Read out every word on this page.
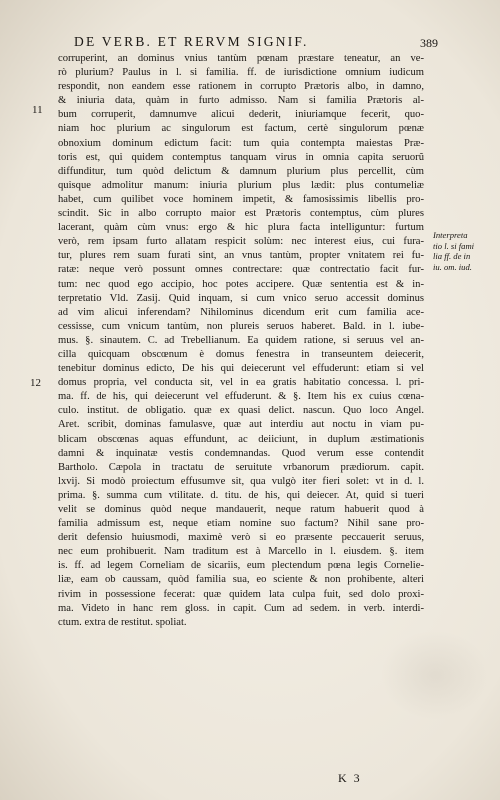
DE VERB. ET RERVM SIGNIF.	389
11
12
Interpreta
tio l. si fami
lia ff. de in
iu. om. iud.
corruperint, an dominus vnius tantùm pœnam præstare teneatur, an ve-
rò plurium? Paulus in l. si familia. ff. de iurisdictione omnium iudicum
respondit, non eandem esse rationem in corrupto Prætoris albo, in damno,
& iniuria data, quàm in furto admisso. Nam si familia Prætoris al-
bum corruperit, damnumve alicui dederit, iniuriamque fecerit, quo-
niam hoc plurium ac singulorum est factum, certè singulorum pœnæ
obnoxium dominum edictum facit: tum quia contempta maiestas Præ-
toris est, qui quidem contemptus tanquam virus in omnia capita seruorũ
diffunditur, tum quòd delictum & damnum plurium plus percellit, cùm
quisque admolitur manum: iniuria plurium plus lædit: plus contumeliæ
habet, cum quilibet voce hominem impetit, & famosissimis libellis pro-
scindit. Sic in albo corrupto maior est Prætoris contemptus, cùm plures
lacerant, quàm cùm vnus: ergo & hic plura facta intelliguntur: furtum
verò, rem ipsam furto allatam respicit solùm: nec interest eius, cui fura-
tur, plures rem suam furati sint, an vnus tantùm, propter vnitatem rei fu-
ratæ: neque verò possunt omnes contrectare: quæ contrectatio facit fur-
tum: nec quod ego accipio, hoc potes accipere. Quæ sententia est & in-
terpretatio Vld. Zasij. Quid inquam, si cum vnico seruo accessit dominus
ad vim alicui inferendam? Nihilominus dicendum erit cum familia ace-
cessisse, cum vnicum tantùm, non plureis seruos haberet. Bald. in l. iube-
mus. §. sinautem. C. ad Trebellianum. Ea quidem ratione, si seruus vel an-
cilla quicquam obscœnum è domus fenestra in transeuntem deiecerit,
tenebitur dominus edicto, De his qui deiecerunt vel effuderunt: etiam si vel
domus propria, vel conducta sit, vel in ea gratis habitatio concessa. l. pri-
ma. ff. de his, qui deiecerunt vel effuderunt. & §. Item his ex cuius cœna-
culo. institut. de obligatio. quæ ex quasi delict. nascun. Quo loco Angel.
Aret. scribit, dominas famulasve, quæ aut interdiu aut noctu in viam pu-
blicam obscœnas aquas effundunt, ac deiiciunt, in duplum æstimationis
damni & inquinatæ vestis condemnandas. Quod verum esse contendit
Bartholo. Cæpola in tractatu de seruitute vrbanorum prædiorum. capit.
lxvij. Si modò proiectum effusumve sit, qua vulgò iter fieri solet: vt in d. l.
prima. §. summa cum vtilitate. d. titu. de his, qui deiecer. At, quid si tueri
velit se dominus quòd neque mandauerit, neque ratum habuerit quod à
familia admissum est, neque etiam nomine suo factum? Nihil sane pro-
derit defensio huiusmodi, maximè verò si eo præsente peccauerit seruus,
nec eum prohibuerit. Nam traditum est à Marcello in l. eiusdem. §. item
is. ff. ad legem Corneliam de sicariis, eum plectendum pœna legis Cornelie-
liæ, eam ob caussam, quòd familia sua, eo sciente & non prohibente, alteri
rivim in possessione fecerat: quæ quidem lata culpa fuit, sed dolo proxi-
ma. Videto in hanc rem gloss. in capit. Cum ad sedem. in verb. interdi-
ctum. extra de restitut. spoliat.
K 3
